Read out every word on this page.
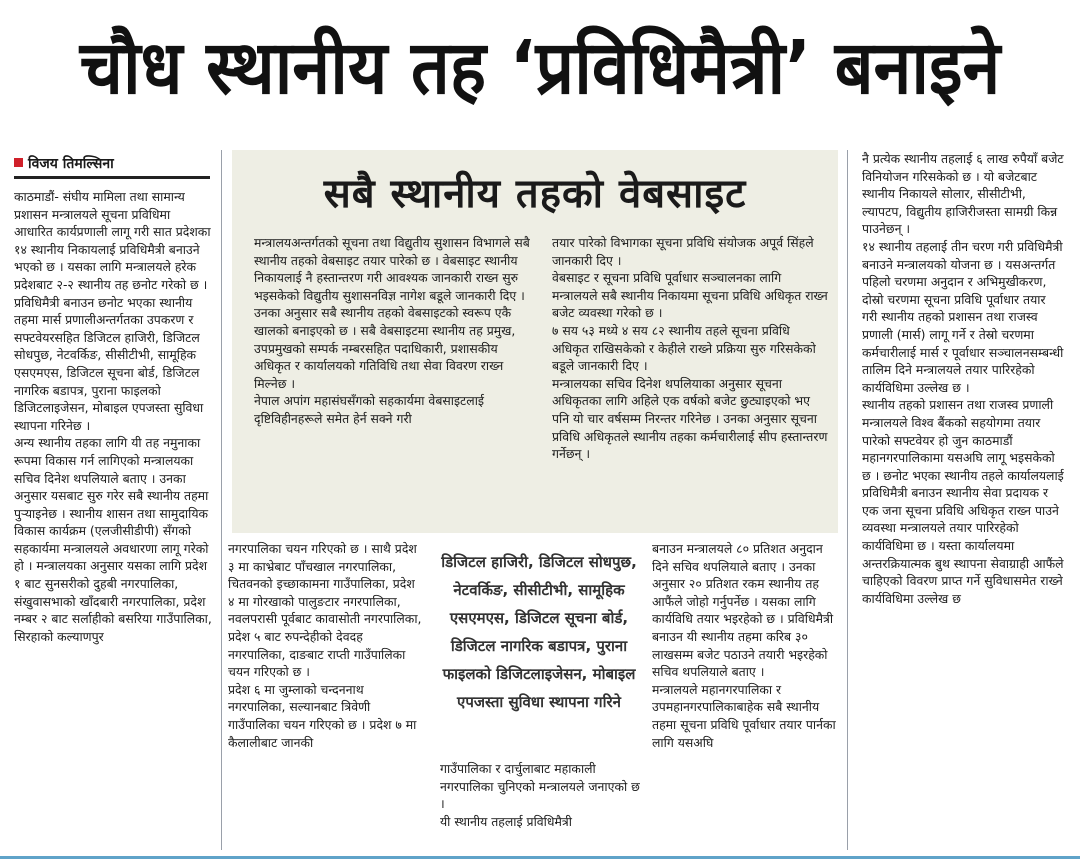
चौध स्थानीय तह ‘प्रविधिमैत्री’ बनाइने
विजय तिमल्सिना
काठमाडौं- संघीय मामिला तथा सामान्य प्रशासन मन्त्रालयले सूचना प्रविधिमा आधारित कार्यप्रणाली लागू गरी सात प्रदेशका १४ स्थानीय निकायलाई प्रविधिमैत्री बनाउने भएको छ । यसका लागि मन्त्रालयले हरेक प्रदेशबाट २-२ स्थानीय तह छनोट गरेको छ । प्रविधिमैत्री बनाउन छनोट भएका स्थानीय तहमा मार्स प्रणालीअन्तर्गतका उपकरण र सफ्टवेयरसहित डिजिटल हाजिरी, डिजिटल सोधपुछ, नेटवर्किङ, सीसीटीभी, सामूहिक एसएमएस, डिजिटल सूचना बोर्ड, डिजिटल नागरिक बडापत्र, पुराना फाइलको डिजिटलाइजेसन, मोबाइल एपजस्ता सुविधा स्थापना गरिनेछ ।
अन्य स्थानीय तहका लागि यी तह नमुनाका रूपमा विकास गर्न लागिएको मन्त्रालयका सचिव दिनेश थपलियाले बताए । उनका अनुसार यसबाट सुरु गरेर सबै स्थानीय तहमा पुऱ्याइनेछ । स्थानीय शासन तथा सामुदायिक विकास कार्यक्रम (एलजीसीडीपी) सँगको सहकार्यमा मन्त्रालयले अवधारणा लागू गरेको हो । मन्त्रालयका अनुसार यसका लागि प्रदेश १ बाट सुनसरीको दुहबी नगरपालिका, संखुवासभाको खाँदबारी नगरपालिका, प्रदेश नम्बर २ बाट सर्लाहीको बसरिया गाउँपालिका, सिरहाको कल्याणपुर
सबै स्थानीय तहको वेबसाइट
मन्त्रालयअन्तर्गतको सूचना तथा विद्युतीय सुशासन विभागले सबै स्थानीय तहको वेबसाइट तयार पारेको छ । वेबसाइट स्थानीय निकायलाई नै हस्तान्तरण गरी आवश्यक जानकारी राख्न सुरु भइसकेको विद्युतीय सुशासनविज्ञ नागेश बडूले जानकारी दिए ।
उनका अनुसार सबै स्थानीय तहको वेबसाइटको स्वरूप एकै खालको बनाइएको छ । सबै वेबसाइटमा स्थानीय तह प्रमुख, उपप्रमुखको सम्पर्क नम्बरसहित पदाधिकारी, प्रशासकीय अधिकृत र कार्यालयको गतिविधि तथा सेवा विवरण राख्न मिल्नेछ ।
नेपाल अपांग महासंघसँगको सहकार्यमा वेबसाइटलाई दृष्टिविहीनहरूले समेत हेर्न सक्ने गरी
तयार पारेको विभागका सूचना प्रविधि संयोजक अपूर्व सिंहले जानकारी दिए ।
वेबसाइट र सूचना प्रविधि पूर्वाधार सञ्चालनका लागि मन्त्रालयले सबै स्थानीय निकायमा सूचना प्रविधि अधिकृत राख्न बजेट व्यवस्था गरेको छ ।
७ सय ५३ मध्ये ४ सय ८२ स्थानीय तहले सूचना प्रविधि अधिकृत राखिसकेको र केहीले राख्ने प्रक्रिया सुरु गरिसकेको बडूले जानकारी दिए ।
मन्त्रालयका सचिव दिनेश थपलियाका अनुसार सूचना अधिकृतका लागि अहिले एक वर्षको बजेट छुट्याइएको भए पनि यो चार वर्षसम्म निरन्तर गरिनेछ । उनका अनुसार सूचना प्रविधि अधिकृतले स्थानीय तहका कर्मचारीलाई सीप हस्तान्तरण गर्नेछन् ।
नगरपालिका चयन गरिएको छ । साथै प्रदेश ३ मा काभ्रेबाट पाँचखाल नगरपालिका, चितवनको इच्छाकामना गाउँपालिका, प्रदेश ४ मा गोरखाको पालुङटार नगरपालिका, नवलपरासी पूर्वबाट कावासोती नगरपालिका, प्रदेश ५ बाट रुपन्देहीको देवदह नगरपालिका, दाङबाट राप्ती गाउँपालिका चयन गरिएको छ ।
प्रदेश ६ मा जुम्लाको चन्दननाथ नगरपालिका, सल्यानबाट त्रिवेणी गाउँपालिका चयन गरिएको छ । प्रदेश ७ मा कैलालीबाट जानकी
डिजिटल हाजिरी, डिजिटल सोधपुछ, नेटवर्किङ, सीसीटीभी, सामूहिक एसएमएस, डिजिटल सूचना बोर्ड, डिजिटल नागरिक बडापत्र, पुराना फाइलको डिजिटलाइजेसन, मोबाइल एपजस्ता सुविधा स्थापना गरिने
गाउँपालिका र दार्चुलाबाट महाकाली नगरपालिका चुनिएको मन्त्रालयले जनाएको छ ।
यी स्थानीय तहलाई प्रविधिमैत्री
बनाउन मन्त्रालयले ८० प्रतिशत अनुदान दिने सचिव थपलियाले बताए । उनका अनुसार २० प्रतिशत रकम स्थानीय तह आफैंले जोहो गर्नुपर्नेछ । यसका लागि कार्यविधि तयार भइरहेको छ । प्रविधिमैत्री बनाउन यी स्थानीय तहमा करिब ३० लाखसम्म बजेट पठाउने तयारी भइरहेको सचिव थपलियाले बताए ।
मन्त्रालयले महानगरपालिका र उपमहानगरपालिकाबाहेक सबै स्थानीय तहमा सूचना प्रविधि पूर्वाधार तयार पार्नका लागि यसअघि
नै प्रत्येक स्थानीय तहलाई ६ लाख रुपैयाँ बजेट विनियोजन गरिसकेको छ । यो बजेटबाट स्थानीय निकायले सोलार, सीसीटीभी, ल्यापटप, विद्युतीय हाजिरीजस्ता सामग्री किन्न पाउनेछन् ।
१४ स्थानीय तहलाई तीन चरण गरी प्रविधिमैत्री बनाउने मन्त्रालयको योजना छ । यसअन्तर्गत पहिलो चरणमा अनुदान र अभिमुखीकरण, दोस्रो चरणमा सूचना प्रविधि पूर्वाधार तयार गरी स्थानीय तहको प्रशासन तथा राजस्व प्रणाली (मार्स) लागू गर्ने र तेस्रो चरणमा कर्मचारीलाई मार्स र पूर्वाधार सञ्चालनसम्बन्धी तालिम दिने मन्त्रालयले तयार पारिरहेको कार्यविधिमा उल्लेख छ ।
स्थानीय तहको प्रशासन तथा राजस्व प्रणाली मन्त्रालयले विश्व बैंकको सहयोगमा तयार पारेको सफ्टवेयर हो जुन काठमाडौं महानगरपालिकामा यसअघि लागू भइसकेको छ । छनोट भएका स्थानीय तहले कार्यालयलाई प्रविधिमैत्री बनाउन स्थानीय सेवा प्रदायक र एक जना सूचना प्रविधि अधिकृत राख्न पाउने व्यवस्था मन्त्रालयले तयार पारिरहेको कार्यविधिमा छ । यस्ता कार्यालयमा अन्तरक्रियात्मक बुथ स्थापना सेवाग्राही आफैंले चाहिएको विवरण प्राप्त गर्ने सुविधासमेत राख्ने कार्यविधिमा उल्लेख छ
